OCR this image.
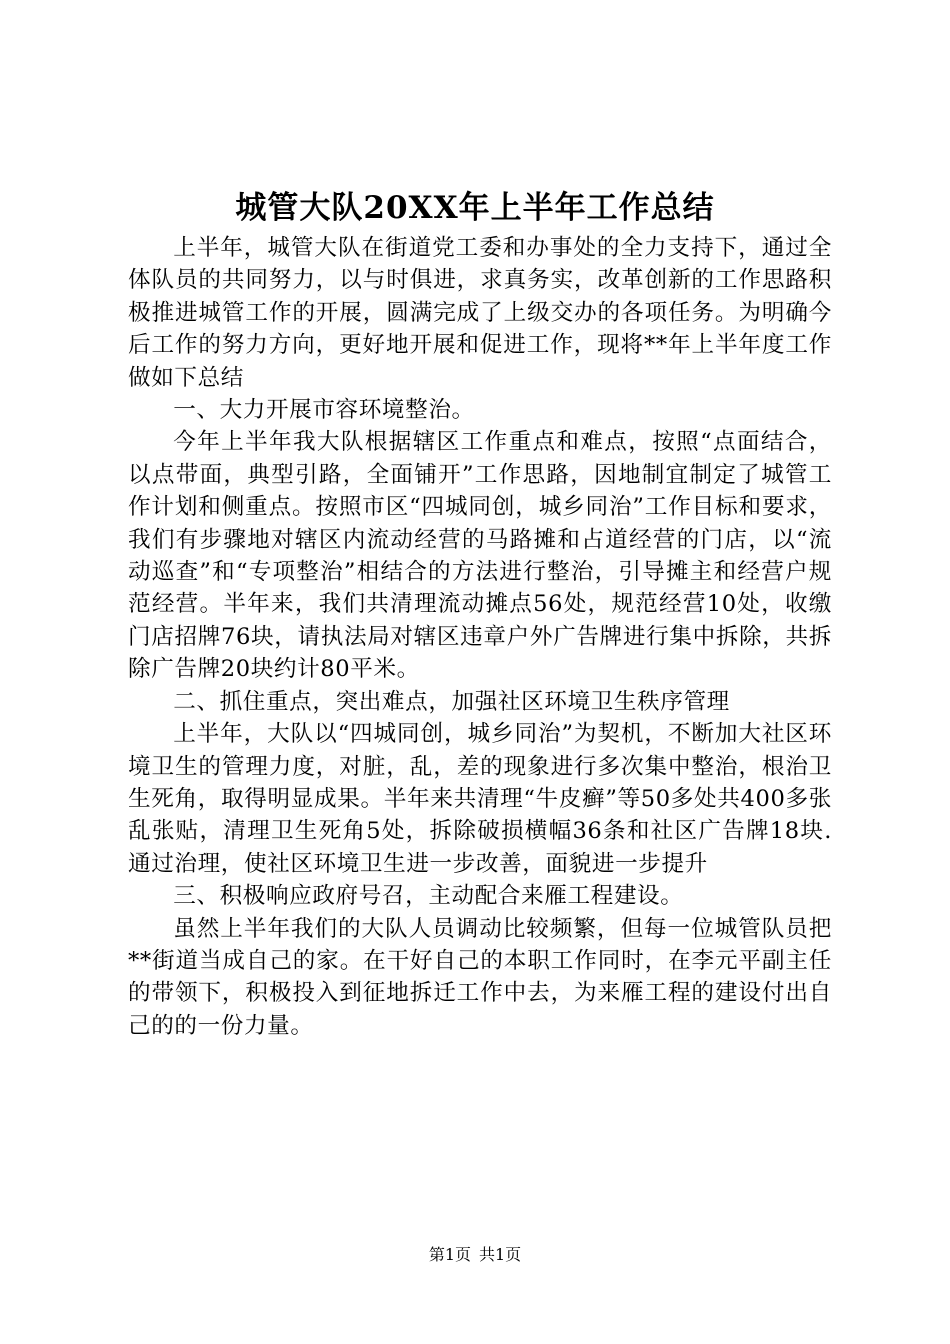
城管大队20XX年上半年工作总结

上半年，城管大队在街道党工委和办事处的全力支持下，通过全体队员的共同努力，以与时俱进，求真务实，改革创新的工作思路积极推进城管工作的开展，圆满完成了上级交办的各项任务。为明确今后工作的努力方向，更好地开展和促进工作，现将**年上半年度工作做如下总结

一、大力开展市容环境整治。

今年上半年我大队根据辖区工作重点和难点，按照“点面结合，以点带面，典型引路，全面铺开”工作思路，因地制宜制定了城管工作计划和侧重点。按照市区“四城同创，城乡同治”工作目标和要求，我们有步骤地对辖区内流动经营的马路摊和占道经营的门店，以“流动巡查”和“专项整治”相结合的方法进行整治，引导摊主和经营户规范经营。半年来，我们共清理流动摊点56处，规范经营10处，收缴门店招牌76块，请执法局对辖区违章户外广告牌进行集中拆除，共拆除广告牌20块约计80平米。

二、抓住重点，突出难点，加强社区环境卫生秩序管理

上半年，大队以“四城同创，城乡同治”为契机，不断加大社区环境卫生的管理力度，对脏，乱，差的现象进行多次集中整治，根治卫生死角，取得明显成果。半年来共清理“牛皮癣”等50多处共400多张乱张贴，清理卫生死角5处，拆除破损横幅36条和社区广告牌18块.通过治理，使社区环境卫生进一步改善，面貌进一步提升

三、积极响应政府号召，主动配合来雁工程建设。

虽然上半年我们的大队人员调动比较频繁，但每一位城管队员把**街道当成自己的家。在干好自己的本职工作同时，在李元平副主任的带领下，积极投入到征地拆迁工作中去，为来雁工程的建设付出自己的的一份力量。

第1页 共1页
